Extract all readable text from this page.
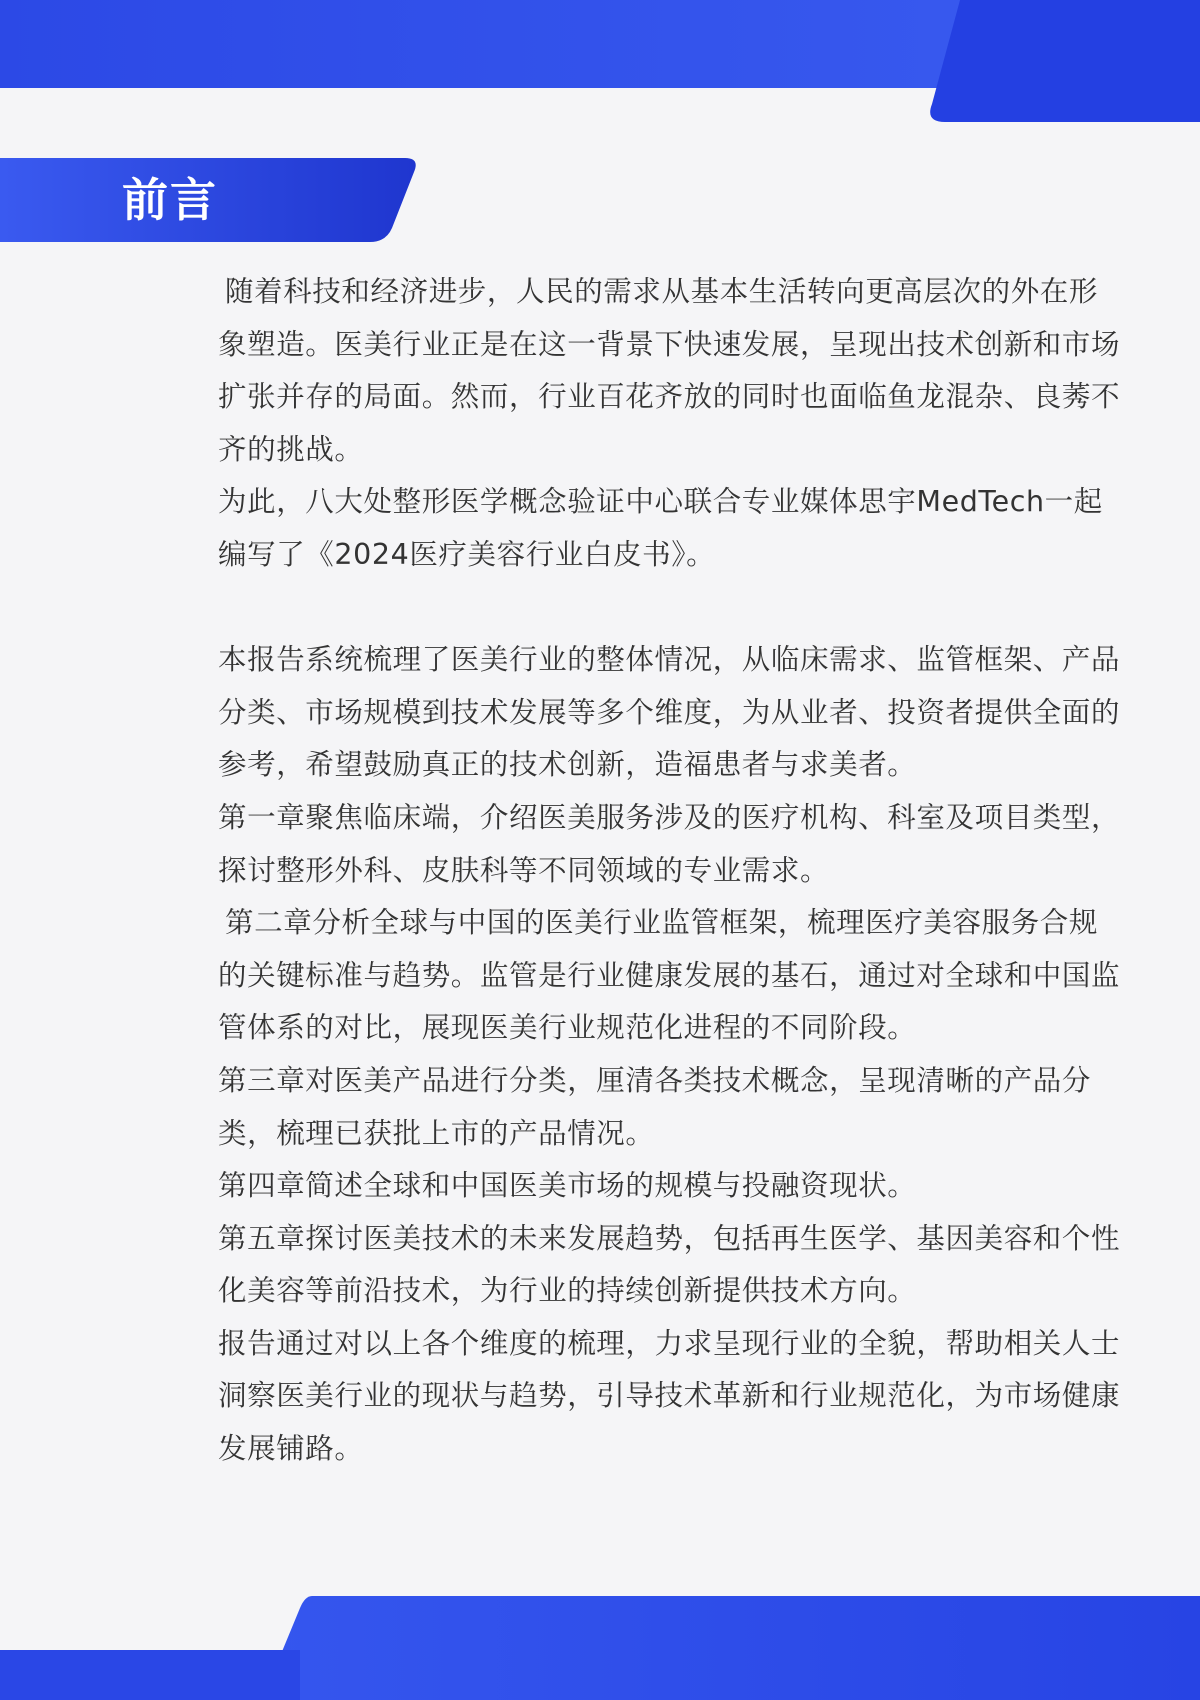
前言

随着科技和经济进步，人民的需求从基本生活转向更高层次的外在形象塑造。医美行业正是在这一背景下快速发展，呈现出技术创新和市场扩张并存的局面。然而，行业百花齐放的同时也面临鱼龙混杂、良莠不齐的挑战。

为此，八大处整形医学概念验证中心联合专业媒体思宇MedTech一起编写了《2024医疗美容行业白皮书》。

本报告系统梳理了医美行业的整体情况，从临床需求、监管框架、产品分类、市场规模到技术发展等多个维度，为从业者、投资者提供全面的参考，希望鼓励真正的技术创新，造福患者与求美者。

第一章聚焦临床端，介绍医美服务涉及的医疗机构、科室及项目类型，探讨整形外科、皮肤科等不同领域的专业需求。

第二章分析全球与中国的医美行业监管框架，梳理医疗美容服务合规的关键标准与趋势。监管是行业健康发展的基石，通过对全球和中国监管体系的对比，展现医美行业规范化进程的不同阶段。

第三章对医美产品进行分类，厘清各类技术概念，呈现清晰的产品分类，梳理已获批上市的产品情况。

第四章简述全球和中国医美市场的规模与投融资现状。

第五章探讨医美技术的未来发展趋势，包括再生医学、基因美容和个性化美容等前沿技术，为行业的持续创新提供技术方向。

报告通过对以上各个维度的梳理，力求呈现行业的全貌，帮助相关人士洞察医美行业的现状与趋势，引导技术革新和行业规范化，为市场健康发展铺路。
